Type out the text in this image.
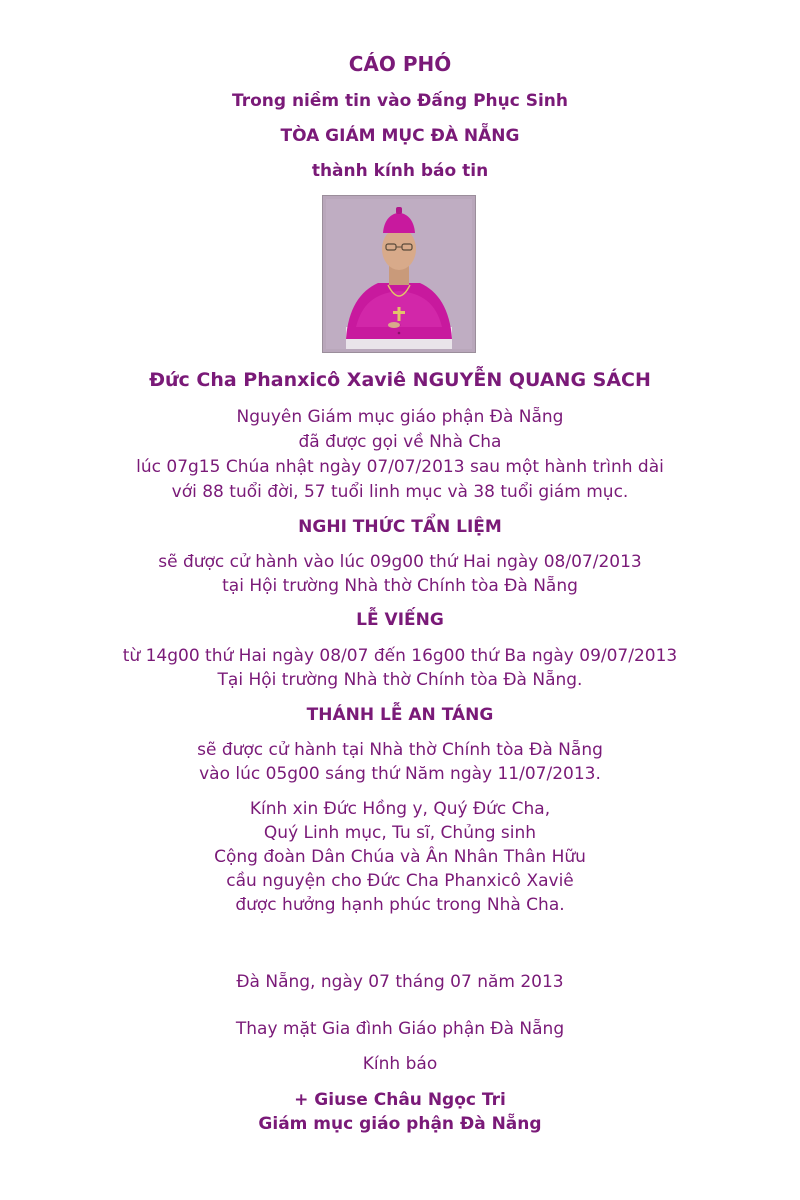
CÁO PHÓ
Trong niềm tin vào Đấng Phục Sinh
TÒA GIÁM MỤC ĐÀ NẴNG
thành kính báo tin
Đức Cha Phanxicô Xaviê NGUYỄN QUANG SÁCH
Nguyên Giám mục giáo phận Đà Nẵng
đã được gọi về Nhà Cha
lúc 07g15 Chúa nhật ngày 07/07/2013 sau một hành trình dài
với 88 tuổi đời, 57 tuổi linh mục và 38 tuổi giám mục.
NGHI THỨC TẨN LIỆM
sẽ được cử hành vào lúc 09g00 thứ Hai ngày 08/07/2013
tại Hội trường Nhà thờ Chính tòa Đà Nẵng
LỄ VIẾNG
từ 14g00 thứ Hai ngày 08/07 đến 16g00 thứ Ba ngày 09/07/2013
Tại Hội trường Nhà thờ Chính tòa Đà Nẵng.
THÁNH LỄ AN TÁNG
sẽ được cử hành tại Nhà thờ Chính tòa Đà Nẵng
vào lúc 05g00 sáng thứ Năm ngày 11/07/2013.
Kính xin Đức Hồng y, Quý Đức Cha,
Quý Linh mục, Tu sĩ, Chủng sinh
Cộng đoàn Dân Chúa và Ân Nhân Thân Hữu
cầu nguyện cho Đức Cha Phanxicô Xaviê
được hưởng hạnh phúc trong Nhà Cha.
Đà Nẵng, ngày 07 tháng 07 năm 2013
Thay mặt Gia đình Giáo phận Đà Nẵng
Kính báo
+ Giuse Châu Ngọc Tri
Giám mục giáo phận Đà Nẵng
